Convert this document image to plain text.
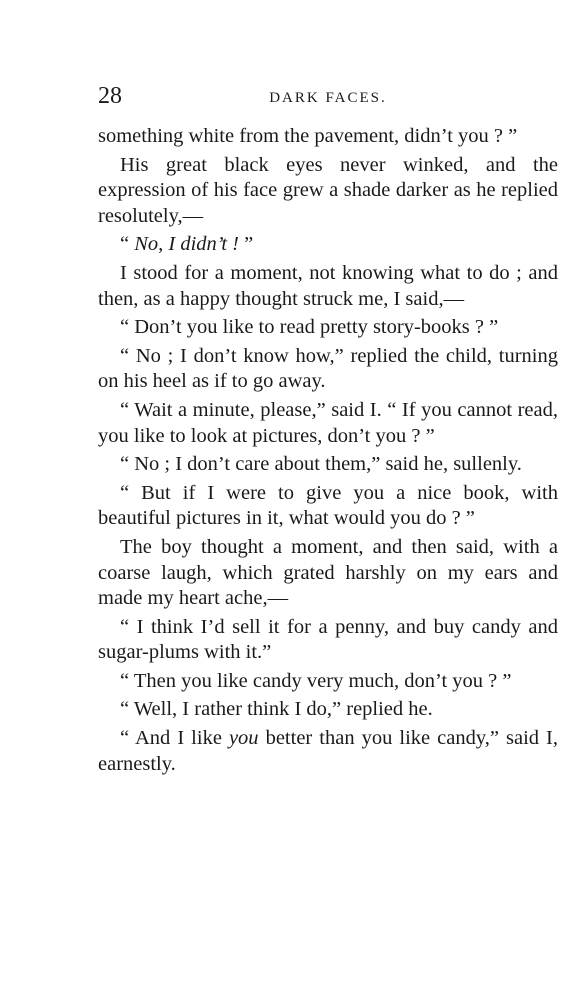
28	DARK FACES.

something white from the pavement, didn’t you ? ”

His great black eyes never winked, and the expression of his face grew a shade darker as he replied resolutely,—

“ No, I didn’t ! ”

I stood for a moment, not knowing what to do ; and then, as a happy thought struck me, I said,—

“ Don’t you like to read pretty story-books ? ”

“ No ; I don’t know how,” replied the child, turning on his heel as if to go away.

“ Wait a minute, please,” said I. “ If you cannot read, you like to look at pictures, don’t you ? ”

“ No ; I don’t care about them,” said he, sullenly.

“ But if I were to give you a nice book, with beautiful pictures in it, what would you do ? ”

The boy thought a moment, and then said, with a coarse laugh, which grated harshly on my ears and made my heart ache,—

“ I think I’d sell it for a penny, and buy candy and sugar-plums with it.”

“ Then you like candy very much, don’t you ? ”

“ Well, I rather think I do,” replied he.

“ And I like you better than you like candy,” said I, earnestly.
